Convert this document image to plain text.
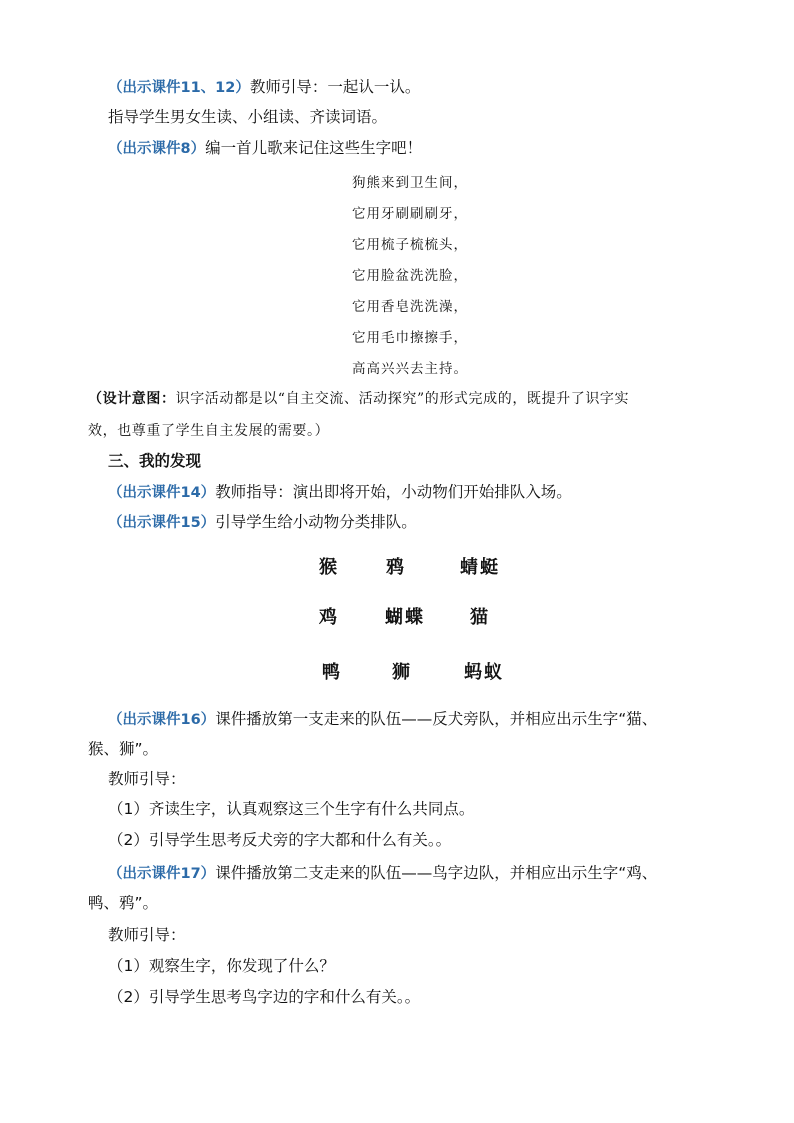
（出示课件11、12）教师引导：一起认一认。
指导学生男女生读、小组读、齐读词语。
（出示课件8）编一首儿歌来记住这些生字吧！
狗熊来到卫生间，
它用牙刷刷刷牙，
它用梳子梳梳头，
它用脸盆洗洗脸，
它用香皂洗洗澡，
它用毛巾擦擦手，
高高兴兴去主持。
（设计意图：识字活动都是以“自主交流、活动探究”的形式完成的，既提升了识字实
效，也尊重了学生自主发展的需要。）
三、我的发现
（出示课件14）教师指导：演出即将开始，小动物们开始排队入场。
（出示课件15）引导学生给小动物分类排队。
猴	鸦	蜻蜓
鸡	蝴蝶	猫
鸭	狮	蚂蚁
（出示课件16）课件播放第一支走来的队伍——反犬旁队，并相应出示生字“猫、
猴、狮”。
教师引导：
（1）齐读生字，认真观察这三个生字有什么共同点。
（2）引导学生思考反犬旁的字大都和什么有关。。
（出示课件17）课件播放第二支走来的队伍——鸟字边队，并相应出示生字“鸡、
鸭、鸦”。
教师引导：
（1）观察生字，你发现了什么？
（2）引导学生思考鸟字边的字和什么有关。。
